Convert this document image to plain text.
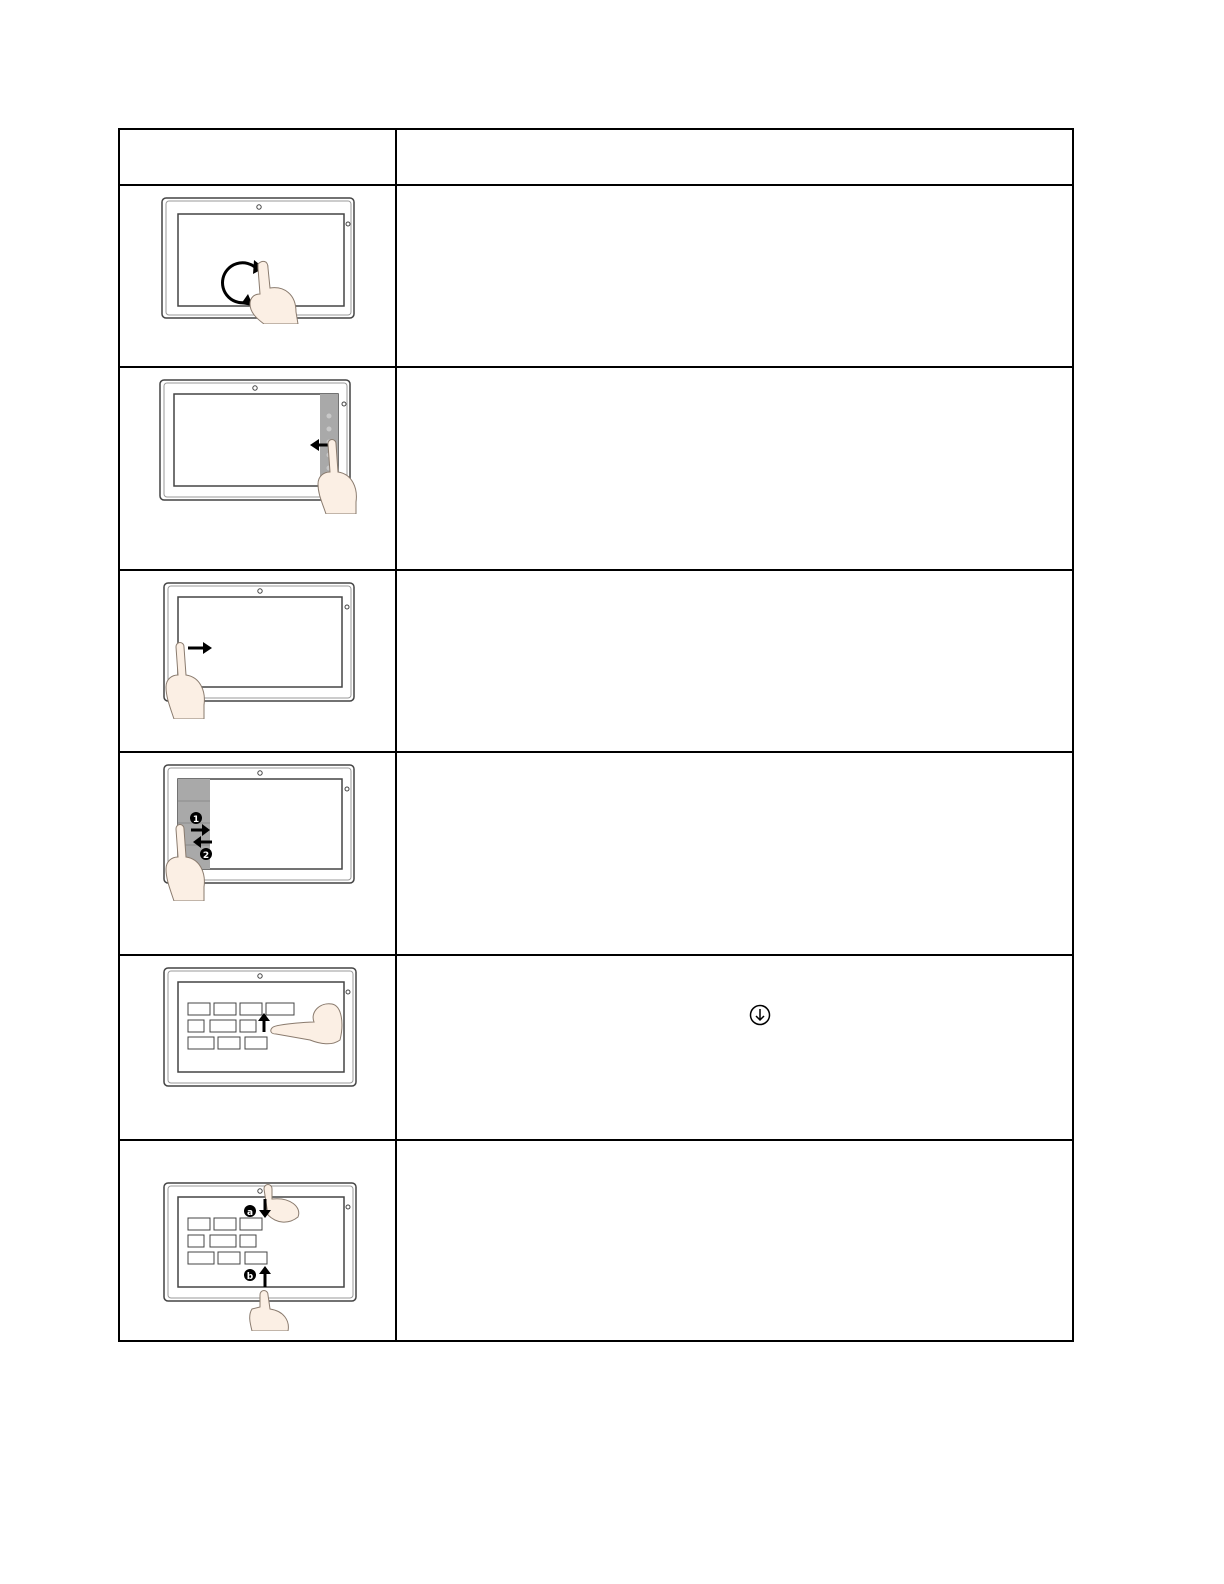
1
2
a
b
